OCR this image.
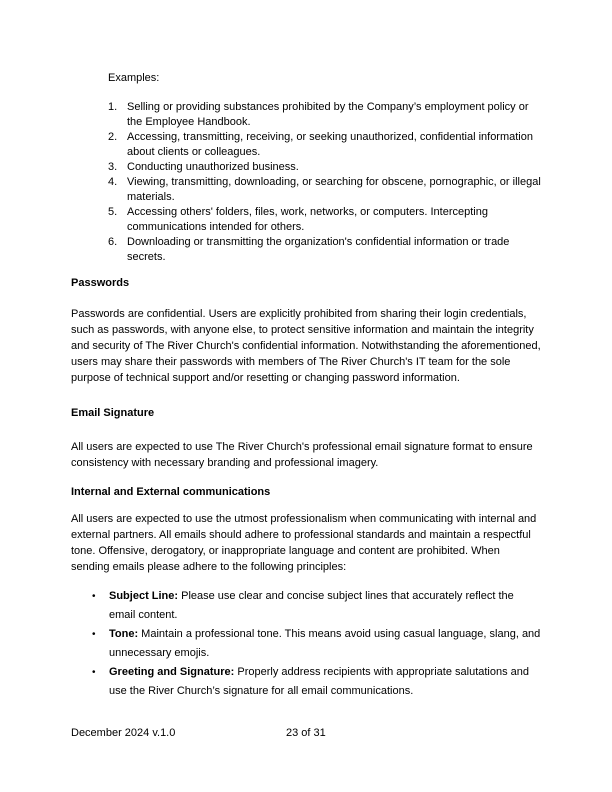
Examples:
1. Selling or providing substances prohibited by the Company’s employment policy or the Employee Handbook.
2. Accessing, transmitting, receiving, or seeking unauthorized, confidential information about clients or colleagues.
3. Conducting unauthorized business.
4. Viewing, transmitting, downloading, or searching for obscene, pornographic, or illegal materials.
5. Accessing others' folders, files, work, networks, or computers. Intercepting communications intended for others.
6. Downloading or transmitting the organization's confidential information or trade secrets.
Passwords
Passwords are confidential. Users are explicitly prohibited from sharing their login credentials, such as passwords, with anyone else, to protect sensitive information and maintain the integrity and security of The River Church's confidential information. Notwithstanding the aforementioned, users may share their passwords with members of The River Church's IT team for the sole purpose of technical support and/or resetting or changing password information.
Email Signature
All users are expected to use The River Church's professional email signature format to ensure consistency with necessary branding and professional imagery.
Internal and External communications
All users are expected to use the utmost professionalism when communicating with internal and external partners. All emails should adhere to professional standards and maintain a respectful tone. Offensive, derogatory, or inappropriate language and content are prohibited. When sending emails please adhere to the following principles:
•	Subject Line: Please use clear and concise subject lines that accurately reflect the email content.
•	Tone: Maintain a professional tone. This means avoid using casual language, slang, and unnecessary emojis.
•	Greeting and Signature: Properly address recipients with appropriate salutations and use the River Church’s signature for all email communications.
December 2024 v.1.0	23 of 31
